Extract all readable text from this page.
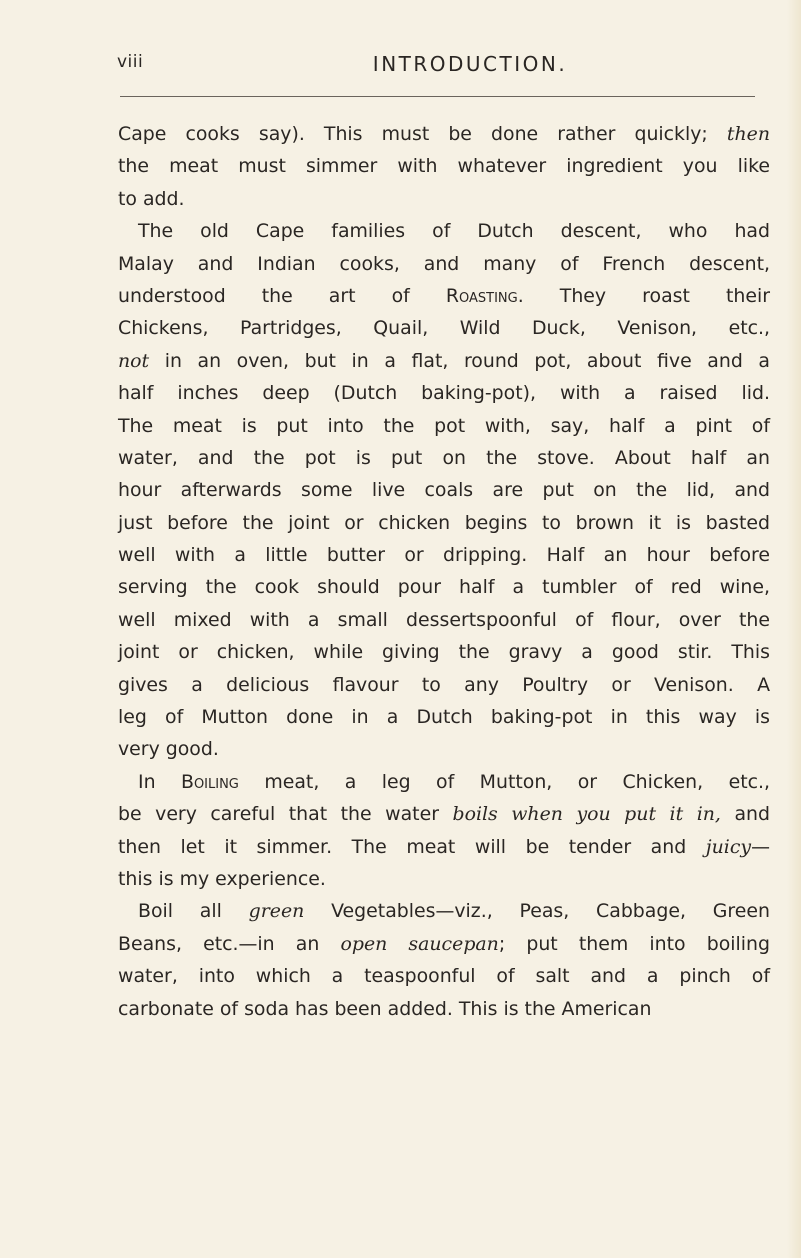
viii	INTRODUCTION.
Cape cooks say). This must be done rather quickly; then
the meat must simmer with whatever ingredient you like
to add.
The old Cape families of Dutch descent, who had
Malay and Indian cooks, and many of French descent,
understood the art of Roasting. They roast their
Chickens, Partridges, Quail, Wild Duck, Venison, etc.,
not in an oven, but in a flat, round pot, about five and a
half inches deep (Dutch baking-pot), with a raised lid.
The meat is put into the pot with, say, half a pint of
water, and the pot is put on the stove. About half an
hour afterwards some live coals are put on the lid, and
just before the joint or chicken begins to brown it is basted
well with a little butter or dripping. Half an hour before
serving the cook should pour half a tumbler of red wine,
well mixed with a small dessertspoonful of flour, over the
joint or chicken, while giving the gravy a good stir. This
gives a delicious flavour to any Poultry or Venison. A
leg of Mutton done in a Dutch baking-pot in this way is
very good.
In Boiling meat, a leg of Mutton, or Chicken, etc.,
be very careful that the water boils when you put it in, and
then let it simmer. The meat will be tender and juicy—
this is my experience.
Boil all green Vegetables—viz., Peas, Cabbage, Green
Beans, etc.—in an open saucepan; put them into boiling
water, into which a teaspoonful of salt and a pinch of
carbonate of soda has been added. This is the American
